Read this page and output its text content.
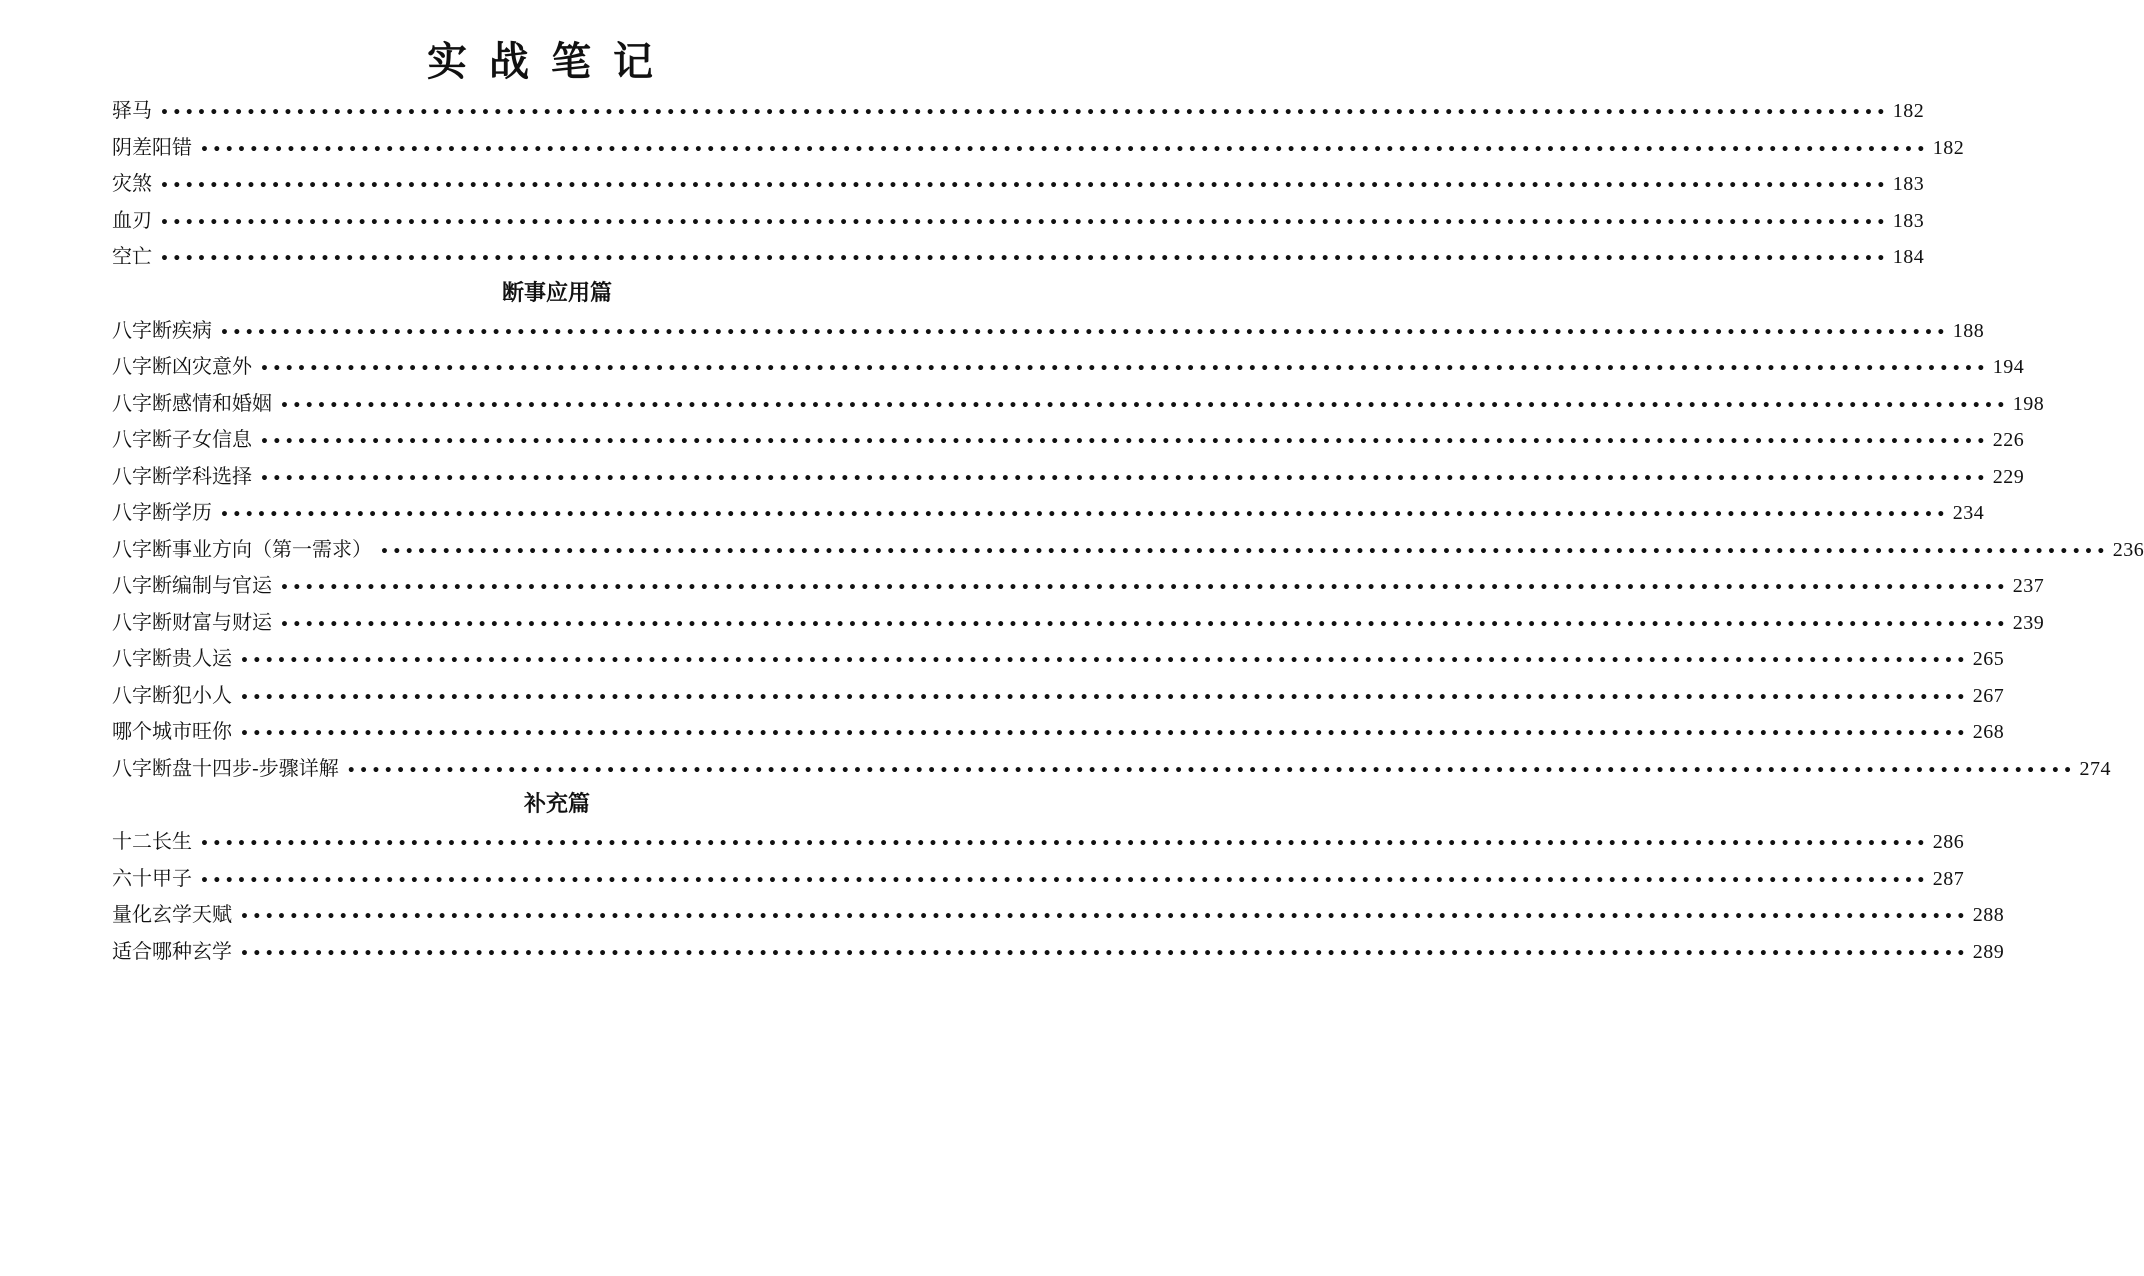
实战笔记
驿马 •••••••••••••••••••••••••••••••••••••••••••••••••••••••••••••••••••••••••••••••••••••••••••••••••••••••••••••••••••••••••••••••••••••••••••• 182
阴差阳错 •••••••••••••••••••••••••••••••••••••••••••••••••••••••••••••••••••••••••••••••••••••••••••••••••••••••••••••••••••••••••••••••••••••••••••• 182
灾煞 •••••••••••••••••••••••••••••••••••••••••••••••••••••••••••••••••••••••••••••••••••••••••••••••••••••••••••••••••••••••••••••••••••••••••••• 183
血刃 •••••••••••••••••••••••••••••••••••••••••••••••••••••••••••••••••••••••••••••••••••••••••••••••••••••••••••••••••••••••••••••••••••••••••••• 183
空亡 •••••••••••••••••••••••••••••••••••••••••••••••••••••••••••••••••••••••••••••••••••••••••••••••••••••••••••••••••••••••••••••••••••••••••••• 184
断事应用篇
八字断疾病 •••••••••••••••••••••••••••••••••••••••••••••••••••••••••••••••••••••••••••••••••••••••••••••••••••••••••••••••••••••••••••••••••••••••••••• 188
八字断凶灾意外 •••••••••••••••••••••••••••••••••••••••••••••••••••••••••••••••••••••••••••••••••••••••••••••••••••••••••••••••••••••••••••••••••••••••••••• 194
八字断感情和婚姻 •••••••••••••••••••••••••••••••••••••••••••••••••••••••••••••••••••••••••••••••••••••••••••••••••••••••••••••••••••••••••••••••••••••••••••• 198
八字断子女信息 •••••••••••••••••••••••••••••••••••••••••••••••••••••••••••••••••••••••••••••••••••••••••••••••••••••••••••••••••••••••••••••••••••••••••••• 226
八字断学科选择 •••••••••••••••••••••••••••••••••••••••••••••••••••••••••••••••••••••••••••••••••••••••••••••••••••••••••••••••••••••••••••••••••••••••••••• 229
八字断学历 •••••••••••••••••••••••••••••••••••••••••••••••••••••••••••••••••••••••••••••••••••••••••••••••••••••••••••••••••••••••••••••••••••••••••••• 234
八字断事业方向（第一需求） •••••••••••••••••••••••••••••••••••••••••••••••••••••••••••••••••••••••••••••••••••••••••••••••••••••••••••••••••••••••••••••••••••••••••••• 236
八字断编制与官运 •••••••••••••••••••••••••••••••••••••••••••••••••••••••••••••••••••••••••••••••••••••••••••••••••••••••••••••••••••••••••••••••••••••••••••• 237
八字断财富与财运 •••••••••••••••••••••••••••••••••••••••••••••••••••••••••••••••••••••••••••••••••••••••••••••••••••••••••••••••••••••••••••••••••••••••••••• 239
八字断贵人运 •••••••••••••••••••••••••••••••••••••••••••••••••••••••••••••••••••••••••••••••••••••••••••••••••••••••••••••••••••••••••••••••••••••••••••• 265
八字断犯小人 •••••••••••••••••••••••••••••••••••••••••••••••••••••••••••••••••••••••••••••••••••••••••••••••••••••••••••••••••••••••••••••••••••••••••••• 267
哪个城市旺你 •••••••••••••••••••••••••••••••••••••••••••••••••••••••••••••••••••••••••••••••••••••••••••••••••••••••••••••••••••••••••••••••••••••••••••• 268
八字断盘十四步-步骤详解 •••••••••••••••••••••••••••••••••••••••••••••••••••••••••••••••••••••••••••••••••••••••••••••••••••••••••••••••••••••••••••••••••••••••••••• 274
补充篇
十二长生 •••••••••••••••••••••••••••••••••••••••••••••••••••••••••••••••••••••••••••••••••••••••••••••••••••••••••••••••••••••••••••••••••••••••••••• 286
六十甲子 •••••••••••••••••••••••••••••••••••••••••••••••••••••••••••••••••••••••••••••••••••••••••••••••••••••••••••••••••••••••••••••••••••••••••••• 287
量化玄学天赋 •••••••••••••••••••••••••••••••••••••••••••••••••••••••••••••••••••••••••••••••••••••••••••••••••••••••••••••••••••••••••••••••••••••••••••• 288
适合哪种玄学 •••••••••••••••••••••••••••••••••••••••••••••••••••••••••••••••••••••••••••••••••••••••••••••••••••••••••••••••••••••••••••••••••••••••••••• 289
